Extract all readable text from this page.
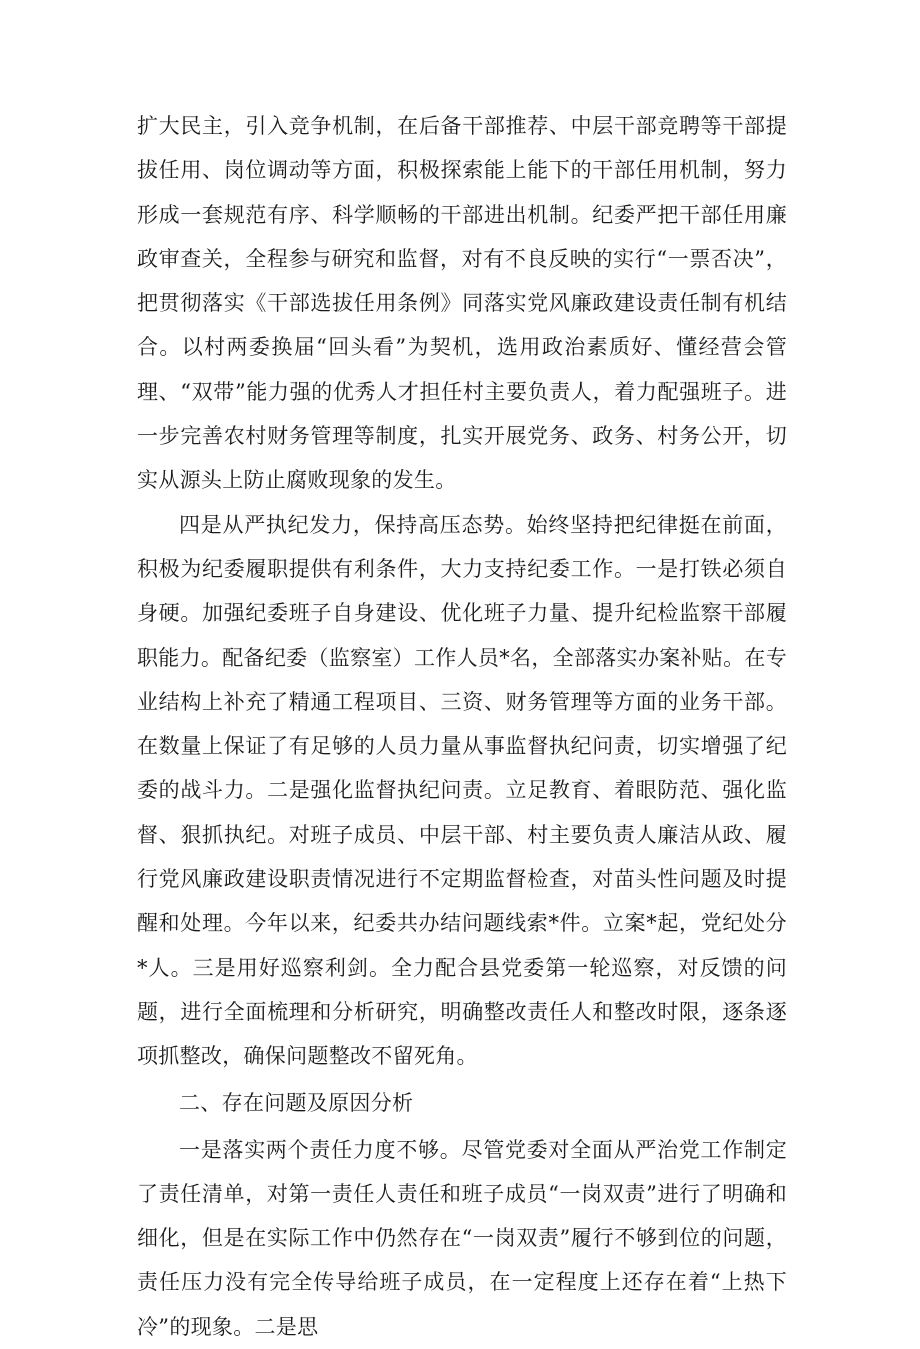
扩大民主，引入竞争机制，在后备干部推荐、中层干部竞聘等干部提拔任用、岗位调动等方面，积极探索能上能下的干部任用机制，努力形成一套规范有序、科学顺畅的干部进出机制。纪委严把干部任用廉政审查关，全程参与研究和监督，对有不良反映的实行“一票否决”，把贯彻落实《干部选拔任用条例》同落实党风廉政建设责任制有机结合。以村两委换届“回头看”为契机，选用政治素质好、懂经营会管理、“双带”能力强的优秀人才担任村主要负责人，着力配强班子。进一步完善农村财务管理等制度，扎实开展党务、政务、村务公开，切实从源头上防止腐败现象的发生。

四是从严执纪发力，保持高压态势。始终坚持把纪律挺在前面，积极为纪委履职提供有利条件，大力支持纪委工作。一是打铁必须自身硬。加强纪委班子自身建设、优化班子力量、提升纪检监察干部履职能力。配备纪委（监察室）工作人员*名，全部落实办案补贴。在专业结构上补充了精通工程项目、三资、财务管理等方面的业务干部。在数量上保证了有足够的人员力量从事监督执纪问责，切实增强了纪委的战斗力。二是强化监督执纪问责。立足教育、着眼防范、强化监督、狠抓执纪。对班子成员、中层干部、村主要负责人廉洁从政、履行党风廉政建设职责情况进行不定期监督检查，对苗头性问题及时提醒和处理。今年以来，纪委共办结问题线索*件。立案*起，党纪处分*人。三是用好巡察利剑。全力配合县党委第一轮巡察，对反馈的问题，进行全面梳理和分析研究，明确整改责任人和整改时限，逐条逐项抓整改，确保问题整改不留死角。

二、存在问题及原因分析

一是落实两个责任力度不够。尽管党委对全面从严治党工作制定了责任清单，对第一责任人责任和班子成员“一岗双责”进行了明确和细化，但是在实际工作中仍然存在“一岗双责”履行不够到位的问题，责任压力没有完全传导给班子成员，在一定程度上还存在着“上热下冷”的现象。二是思
